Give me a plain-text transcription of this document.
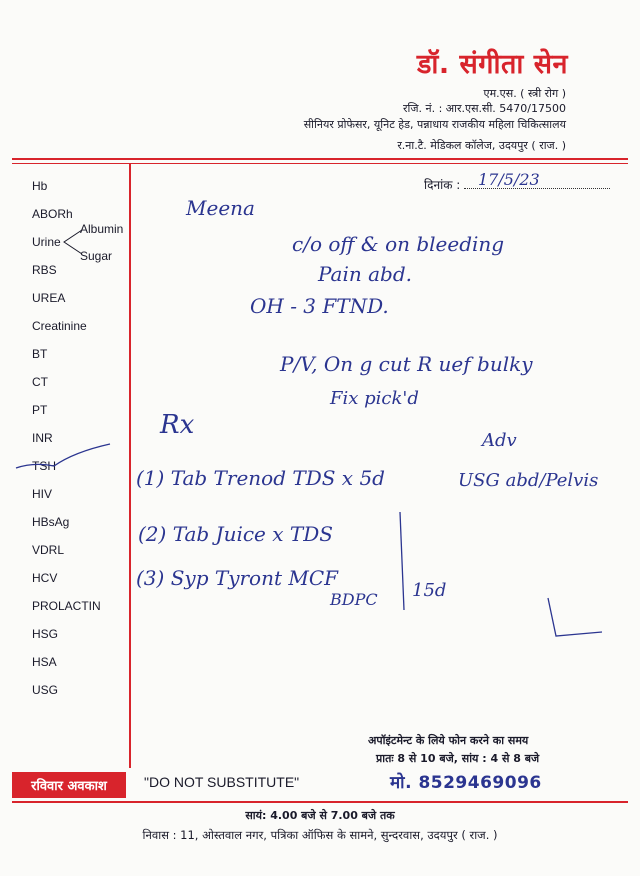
डॉ. संगीता सेन
एम.एस. ( स्त्री रोग )
रजि. नं. : आर.एस.सी. 5470/17500
सीनियर प्रोफेसर, यूनिट हेड, पन्नाधाय राजकीय महिला चिकित्सालय
र.ना.टै. मेडिकल कॉलेज, उदयपुर ( राज. )
Hb
ABORh
Urine
Albumin
Sugar
RBS
UREA
Creatinine
BT
CT
PT
INR
TSH
HIV
HBsAg
VDRL
HCV
PROLACTIN
HSG
HSA
USG
दिनांक :	17/5/23
Meena
c/o off & on bleeding
Pain abd.
OH - 3 FTND.
P/V, On g cut R uef bulky
Fix pick'd
Rx
Adv
USG abd/Pelvis
(1) Tab Trenod TDS x 5d
(2) Tab Juice x TDS
(3) Syp Tyront MCF
BDPC 15d
अपॉइंटमेन्ट के लिये फोन करने का समय
प्रातः 8 से 10 बजे, सांय : 4 से 8 बजे
मो. 8529469096
रविवार अवकाश	"DO NOT SUBSTITUTE"
सायं: 4.00 बजे से 7.00 बजे तक
निवास : 11, ओस्तवाल नगर, पत्रिका ऑफिस के सामने, सुन्दरवास, उदयपुर ( राज. )
